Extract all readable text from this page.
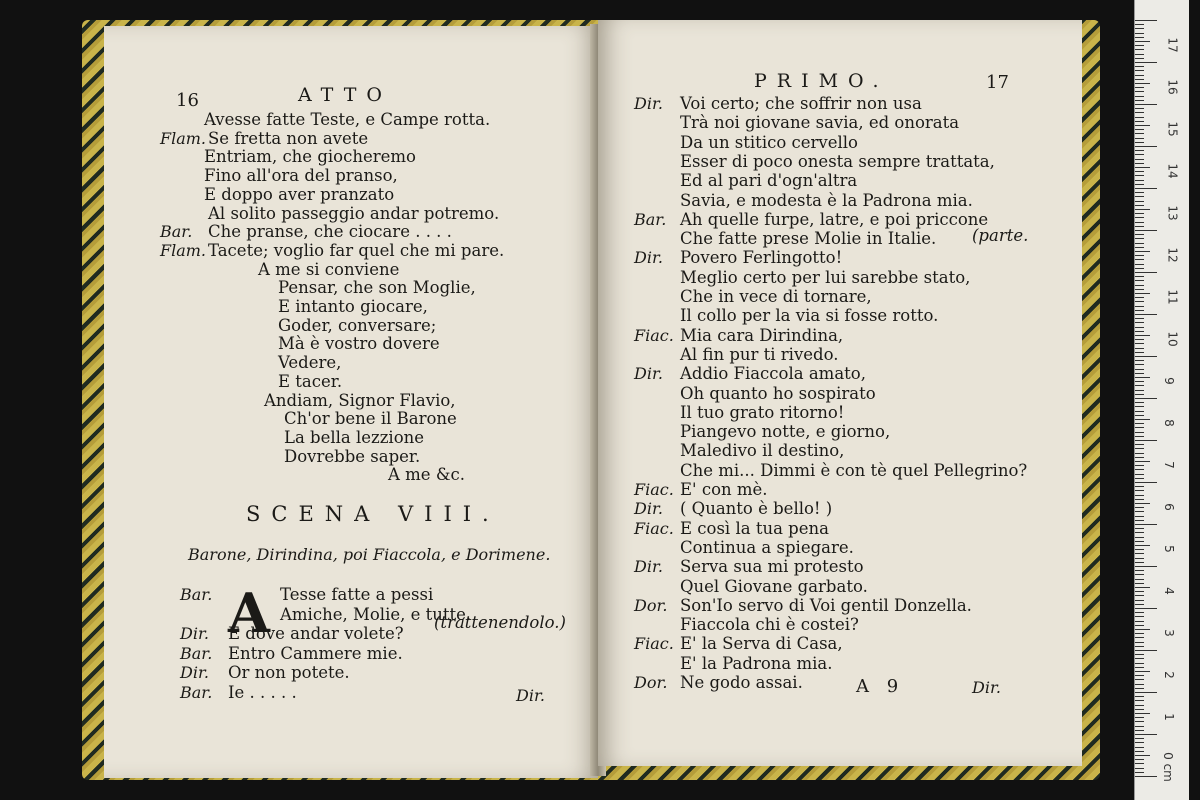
16	ATTO
Avesse fatte Teste, e Campe rotta.
Flam. Se fretta non avete
Entriam, che giocheremo
Fino all'ora del pranso,
E doppo aver pranzato
Al solito passeggio andar potremo.
Bar. Che pranse, che ciocare . . . .
Flam. Tacete; voglio far quel che mi pare.
A me si conviene
Pensar, che son Moglie,
E intanto giocare,
Goder, conversare;
Mà è vostro dovere
Vedere,
E tacer.
Andiam, Signor Flavio,
Ch'or bene il Barone
La bella lezzione
Dovrebbe saper.
A me &c.
(trattenendolo.)
SCENA VIII.
Barone, Dirindina, poi Fiaccola, e Dorimene.
A
Bar.	Tesse fatte a pessi
Amiche, Molie, e tutte.
Dir. E dove andar volete?
Bar. Entro Cammere mie.
Dir. Or non potete.
Bar. Ie . . . . .	Dir.
PRIMO.	17
Dir. Voi certo; che soffrir non usa
Trà noi giovane savia, ed onorata
Da un stitico cervello
Esser di poco onesta sempre trattata,
Ed al pari d'ogn'altra
Savia, e modesta è la Padrona mia.
Bar. Ah quelle furpe, latre, e poi priccone
Che fatte prese Molie in Italie.
Dir. Povero Ferlingotto!
Meglio certo per lui sarebbe stato,
Che in vece di tornare,
Il collo per la via si fosse rotto.
Fiac. Mia cara Dirindina,
Al fin pur ti rivedo.
Dir. Addio Fiaccola amato,
Oh quanto ho sospirato
Il tuo grato ritorno!
Piangevo notte, e giorno,
Maledivo il destino,
Che mi... Dimmi è con tè quel Pellegrino?
Fiac. E' con mè.
Dir. ( Quanto è bello! )
Fiac. E così la tua pena
Continua a spiegare.
Dir. Serva sua mi protesto
Quel Giovane garbato.
Dor. Son'Io servo di Voi gentil Donzella.
Fiaccola chi è costei?
Fiac. E' la Serva di Casa,
E' la Padrona mia.
Dor. Ne godo assai.
(parte.
A 9	Dir.
17
16
15
14
13
12
11
10
9
8
7
6
5
4
3
2
1
0 cm
